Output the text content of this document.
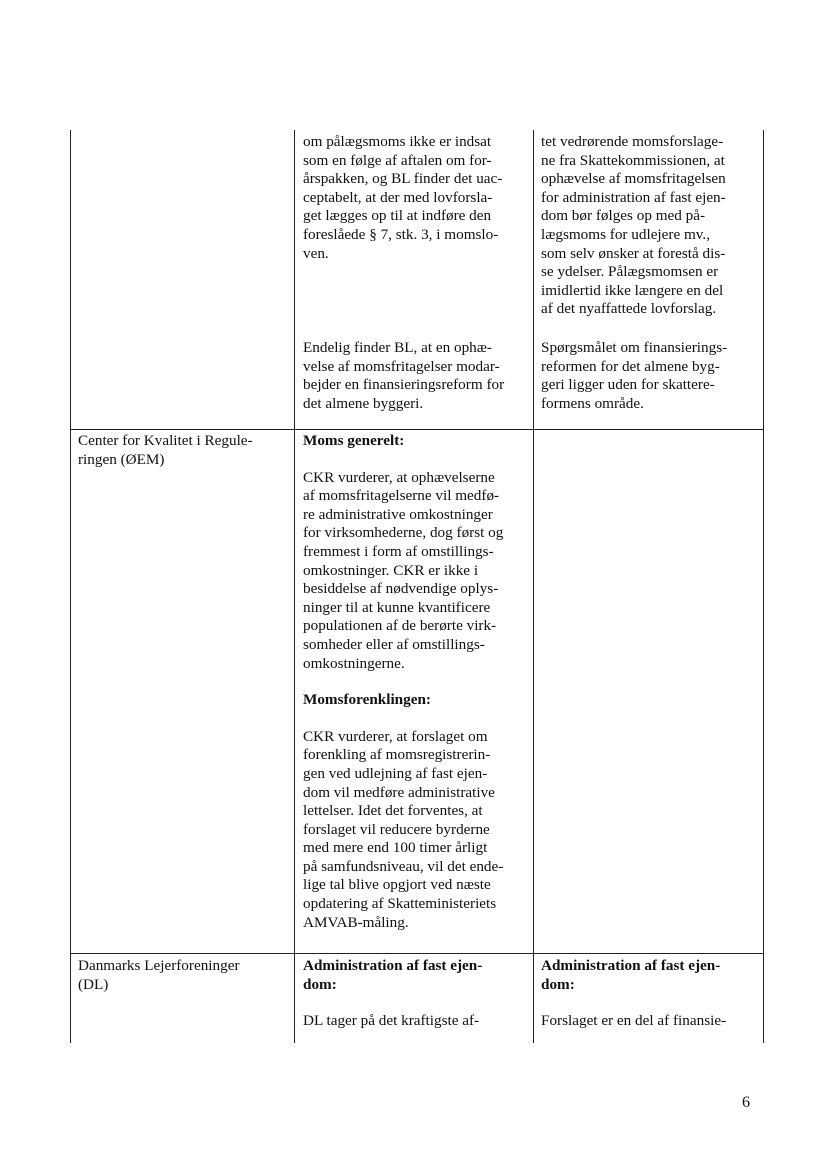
om pålægsmoms ikke er indsat
som en følge af aftalen om for-
årspakken, og BL finder det uac-
ceptabelt, at der med lovforsla-
get lægges op til at indføre den
foreslåede § 7, stk. 3, i momslo-
ven.

Endelig finder BL, at en ophæ-
velse af momsfritagelser modar-
bejder en finansieringsreform for
det almene byggeri.

tet vedrørende momsforslage-
ne fra Skattekommissionen, at
ophævelse af momsfritagelsen
for administration af fast ejen-
dom bør følges op med på-
lægsmoms for udlejere mv.,
som selv ønsker at forestå dis-
se ydelser. Pålægsmomsen er
imidlertid ikke længere en del
af det nyaffattede lovforslag.

Spørgsmålet om finansierings-
reformen for det almene byg-
geri ligger uden for skattere-
formens område.

Center for Kvalitet i Regule-
ringen (ØEM)

Moms generelt:

CKR vurderer, at ophævelserne
af momsfritagelserne vil medfø-
re administrative omkostninger
for virksomhederne, dog først og
fremmest i form af omstillings-
omkostninger. CKR er ikke i
besiddelse af nødvendige oplys-
ninger til at kunne kvantificere
populationen af de berørte virk-
somheder eller af omstillings-
omkostningerne.

Momsforenklingen:

CKR vurderer, at forslaget om
forenkling af momsregistrerin-
gen ved udlejning af fast ejen-
dom vil medføre administrative
lettelser. Idet det forventes, at
forslaget vil reducere byrderne
med mere end 100 timer årligt
på samfundsniveau, vil det ende-
lige tal blive opgjort ved næste
opdatering af Skatteministeriets
AMVAB-måling.

Danmarks Lejerforeninger
(DL)

Administration af fast ejen-
dom:

DL tager på det kraftigste af-

Administration af fast ejen-
dom:

Forslaget er en del af finansie-

6
